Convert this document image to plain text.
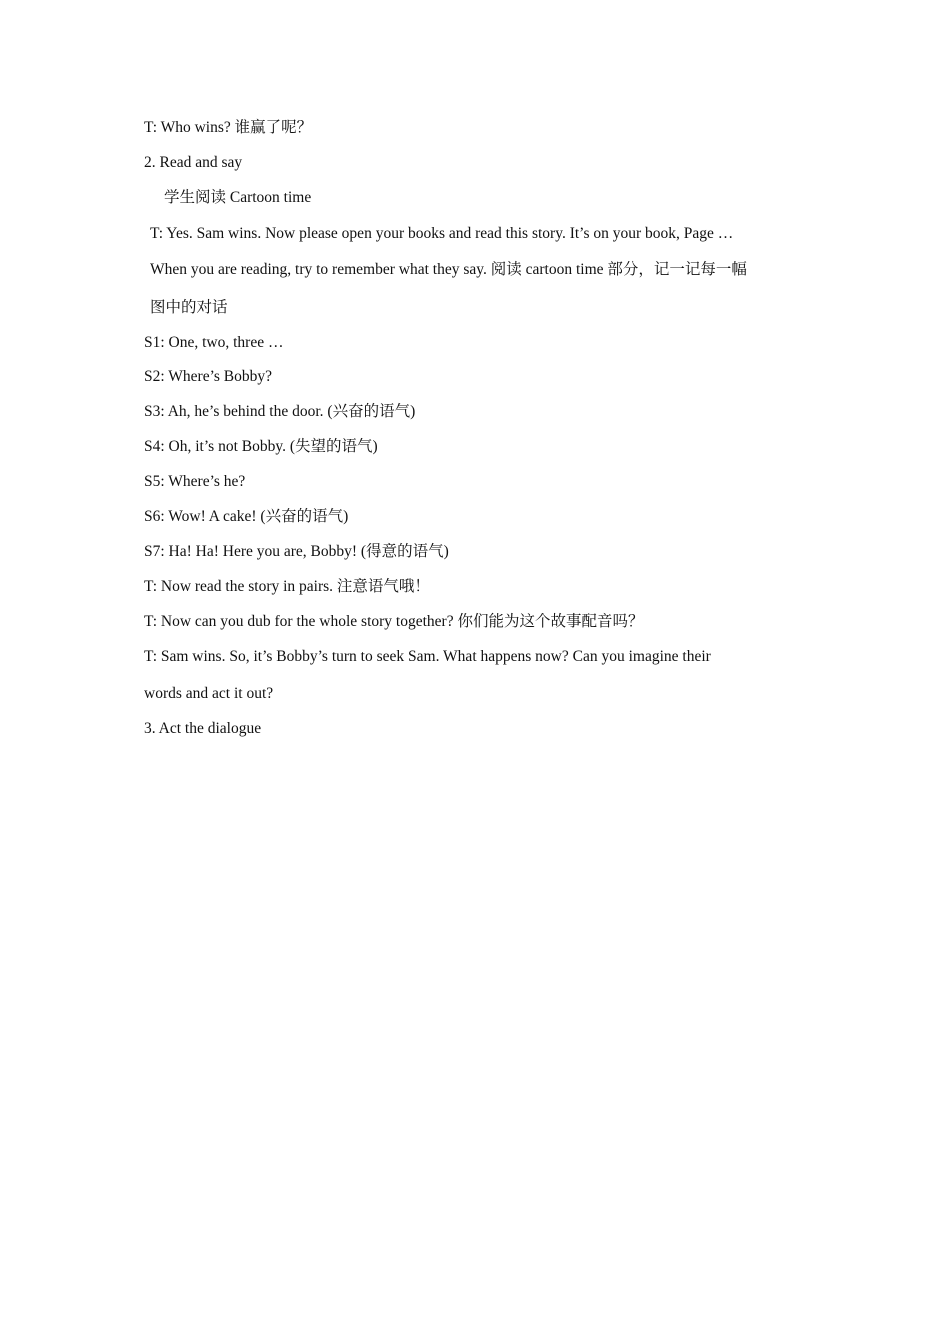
T: Who wins? 谁赢了呢？
2. Read and say
学生阅读 Cartoon time
T: Yes. Sam wins. Now please open your books and read this story. It’s on your book, Page …
When you are reading, try to remember what they say. 阅读 cartoon time 部分，记一记每一幅
图中的对话
S1: One, two, three …
S2: Where’s Bobby?
S3: Ah, he’s behind the door. (兴奋的语气)
S4: Oh, it’s not Bobby. (失望的语气)
S5: Where’s he?
S6: Wow! A cake! (兴奋的语气)
S7: Ha! Ha! Here you are, Bobby! (得意的语气)
T: Now read the story in pairs. 注意语气哦！
T: Now can you dub for the whole story together? 你们能为这个故事配音吗？
T: Sam wins. So, it’s Bobby’s turn to seek Sam. What happens now? Can you imagine their
words and act it out?
3. Act the dialogue
